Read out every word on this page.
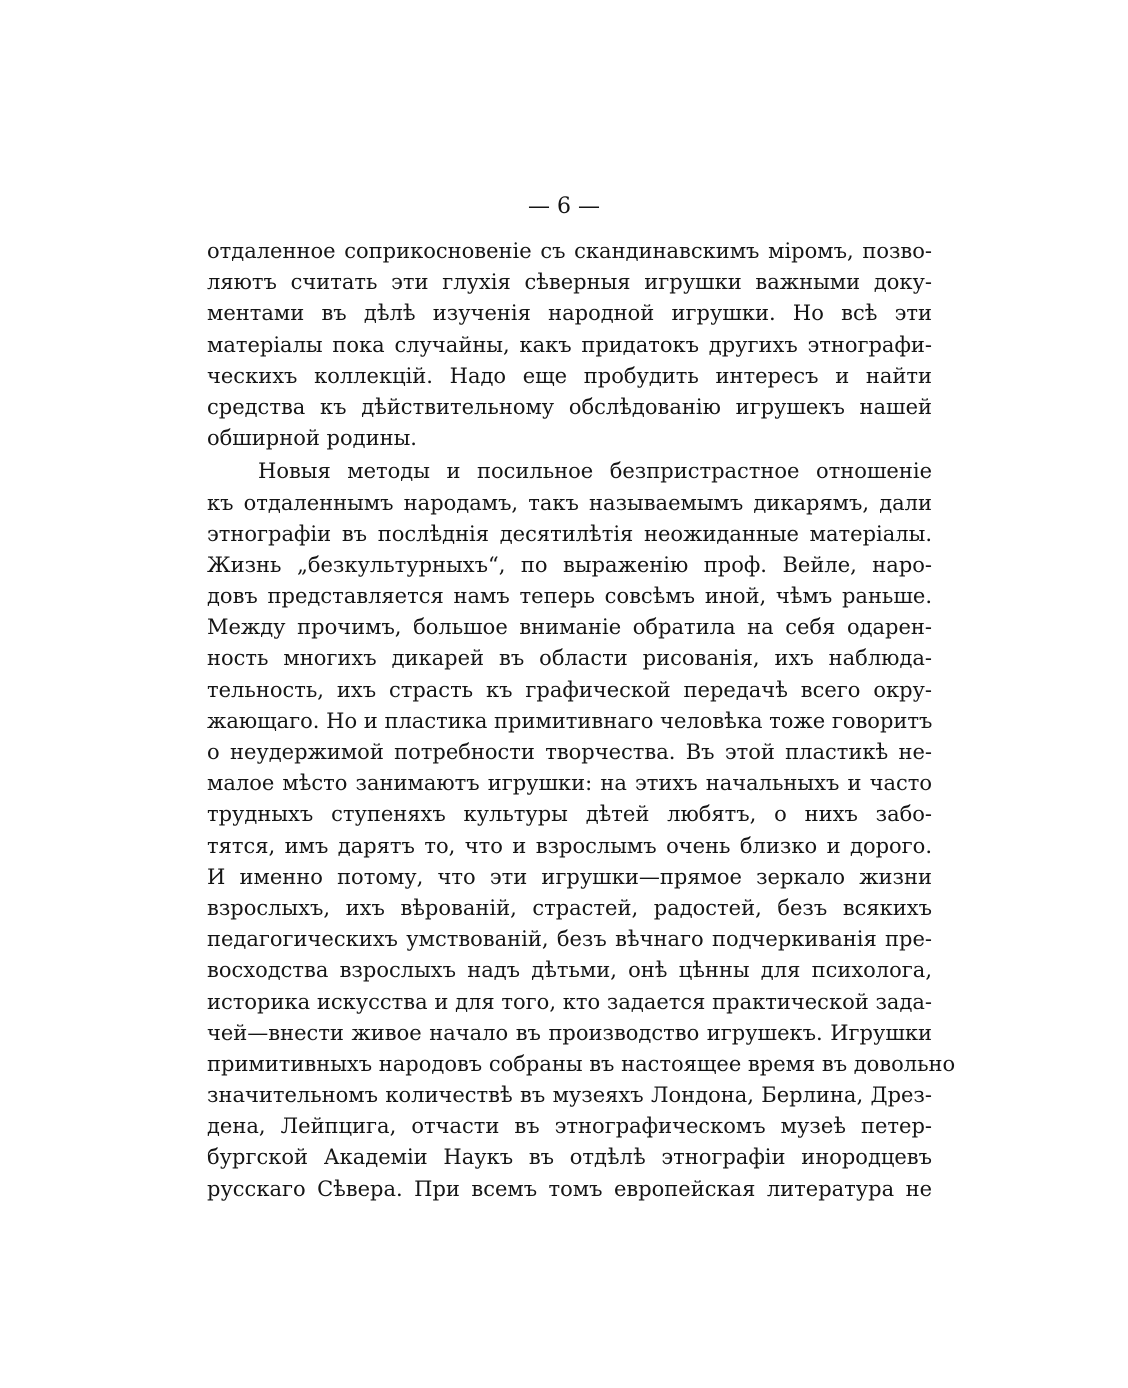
— 6 —
отдаленное соприкосновеніе съ скандинавскимъ міромъ, позво-
ляютъ считать эти глухія сѣверныя игрушки важными доку-
ментами въ дѣлѣ изученія народной игрушки. Но всѣ эти
матеріалы пока случайны, какъ придатокъ другихъ этнографи-
ческихъ коллекцій. Надо еще пробудить интересъ и найти
средства къ дѣйствительному обслѣдованію игрушекъ нашей
обширной родины.
Новыя методы и посильное безпристрастное отношеніе
къ отдаленнымъ народамъ, такъ называемымъ дикарямъ, дали
этнографіи въ послѣднія десятилѣтія неожиданные матеріалы.
Жизнь „безкультурныхъ“, по выраженію проф. Вейле, наро-
довъ представляется намъ теперь совсѣмъ иной, чѣмъ раньше.
Между прочимъ, большое вниманіе обратила на себя одарен-
ность многихъ дикарей въ области рисованія, ихъ наблюда-
тельность, ихъ страсть къ графической передачѣ всего окру-
жающаго. Но и пластика примитивнаго человѣка тоже говоритъ
о неудержимой потребности творчества. Въ этой пластикѣ не-
малое мѣсто занимаютъ игрушки: на этихъ начальныхъ и часто
трудныхъ ступеняхъ культуры дѣтей любятъ, о нихъ забо-
тятся, имъ дарятъ то, что и взрослымъ очень близко и дорого.
И именно потому, что эти игрушки—прямое зеркало жизни
взрослыхъ, ихъ вѣрованій, страстей, радостей, безъ всякихъ
педагогическихъ умствованій, безъ вѣчнаго подчеркиванія пре-
восходства взрослыхъ надъ дѣтьми, онѣ цѣнны для психолога,
историка искусства и для того, кто задается практической зада-
чей—внести живое начало въ производство игрушекъ. Игрушки
примитивныхъ народовъ собраны въ настоящее время въ довольно
значительномъ количествѣ въ музеяхъ Лондона, Берлина, Дрез-
дена, Лейпцига, отчасти въ этнографическомъ музеѣ петер-
бургской Академіи Наукъ въ отдѣлѣ этнографіи инородцевъ
русскаго Сѣвера. При всемъ томъ европейская литература не
